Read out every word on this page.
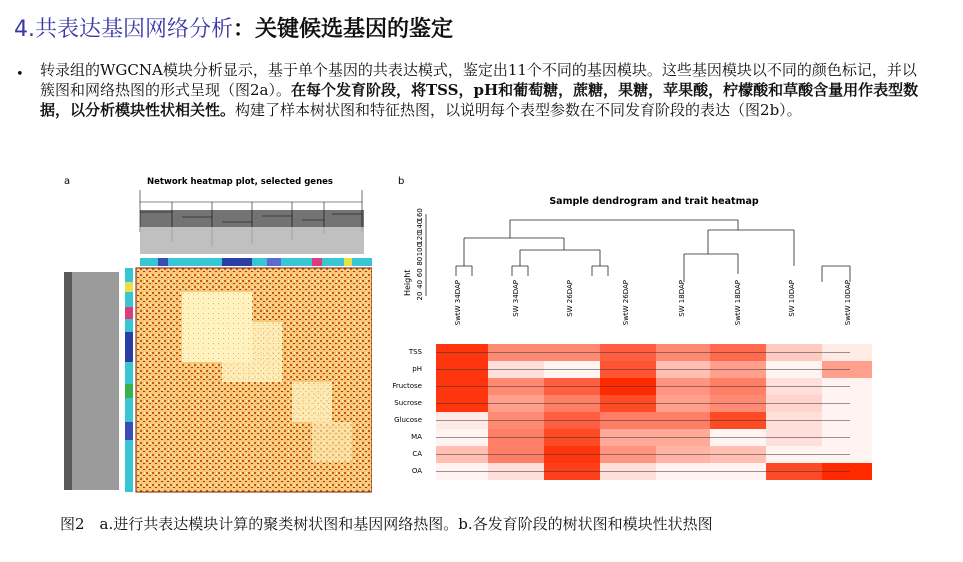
4.共表达基因网络分析：关键候选基因的鉴定
• 转录组的WGCNA模块分析显示，基于单个基因的共表达模式，鉴定出11个不同的基因模块。这些基因模块以不同的颜色标记，并以簇图和网络热图的形式呈现（图2a）。在每个发育阶段，将TSS，pH和葡萄糖，蔗糖，果糖，苹果酸，柠檬酸和草酸含量用作表型数据，以分析模块性状相关性。构建了样本树状图和特征热图，以说明每个表型参数在不同发育阶段的表达（图2b）。
a	Network heatmap plot, selected genes	b
Sample dendrogram and trait heatmap
Height 20
40
60
80
100
120
140
160
SwtW 34DAP	SW 34DAP	SW 26DAP	SwtW 26DAP	SW 18DAP	SwtW 18DAP	SW 10DAP	SwtW 10DAP
TSS
pH
Fructose
Sucrose
Glucose
MA
CA
OA
图2　a.进行共表达模块计算的聚类树状图和基因网络热图。b.各发育阶段的树状图和模块性状热图
